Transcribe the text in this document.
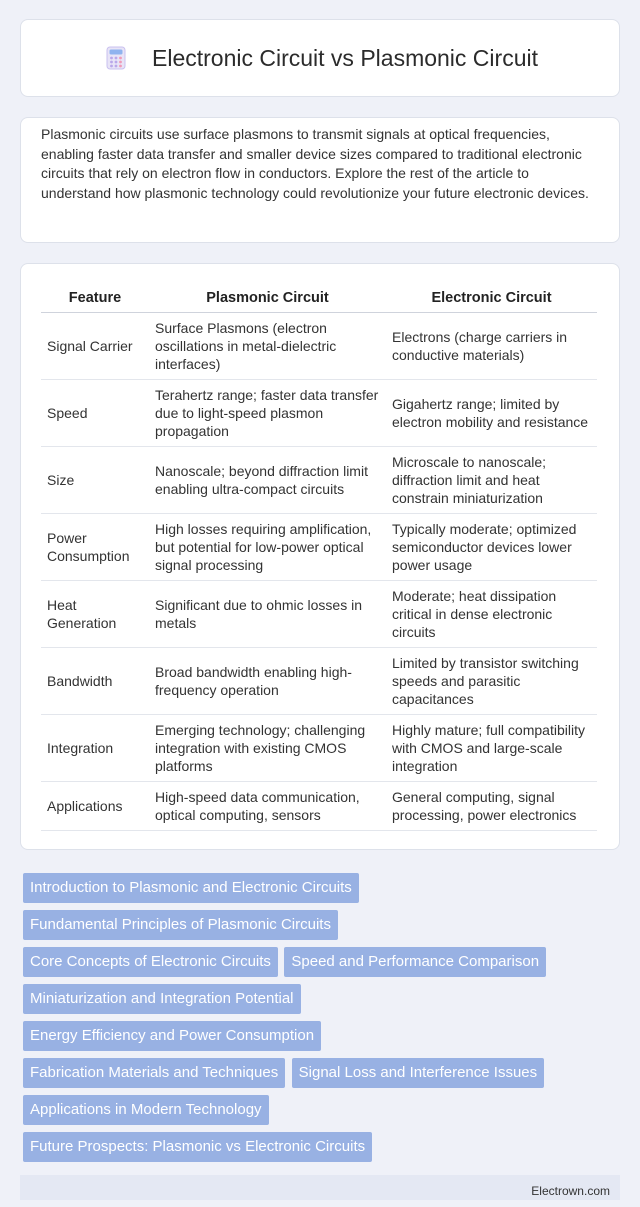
Electronic Circuit vs Plasmonic Circuit

Plasmonic circuits use surface plasmons to transmit signals at optical frequencies, enabling faster data transfer and smaller device sizes compared to traditional electronic circuits that rely on electron flow in conductors. Explore the rest of the article to understand how plasmonic technology could revolutionize your future electronic devices.

Feature	Plasmonic Circuit	Electronic Circuit
Signal Carrier	Surface Plasmons (electron oscillations in metal-dielectric interfaces)	Electrons (charge carriers in conductive materials)
Speed	Terahertz range; faster data transfer due to light-speed plasmon propagation	Gigahertz range; limited by electron mobility and resistance
Size	Nanoscale; beyond diffraction limit enabling ultra-compact circuits	Microscale to nanoscale; diffraction limit and heat constrain miniaturization
Power Consumption	High losses requiring amplification, but potential for low-power optical signal processing	Typically moderate; optimized semiconductor devices lower power usage
Heat Generation	Significant due to ohmic losses in metals	Moderate; heat dissipation critical in dense electronic circuits
Bandwidth	Broad bandwidth enabling high-frequency operation	Limited by transistor switching speeds and parasitic capacitances
Integration	Emerging technology; challenging integration with existing CMOS platforms	Highly mature; full compatibility with CMOS and large-scale integration
Applications	High-speed data communication, optical computing, sensors	General computing, signal processing, power electronics
Introduction to Plasmonic and Electronic Circuits
Fundamental Principles of Plasmonic Circuits
Core Concepts of Electronic Circuits Speed and Performance Comparison
Miniaturization and Integration Potential
Energy Efficiency and Power Consumption
Fabrication Materials and Techniques Signal Loss and Interference Issues
Applications in Modern Technology
Future Prospects: Plasmonic vs Electronic Circuits
Electrown.com
